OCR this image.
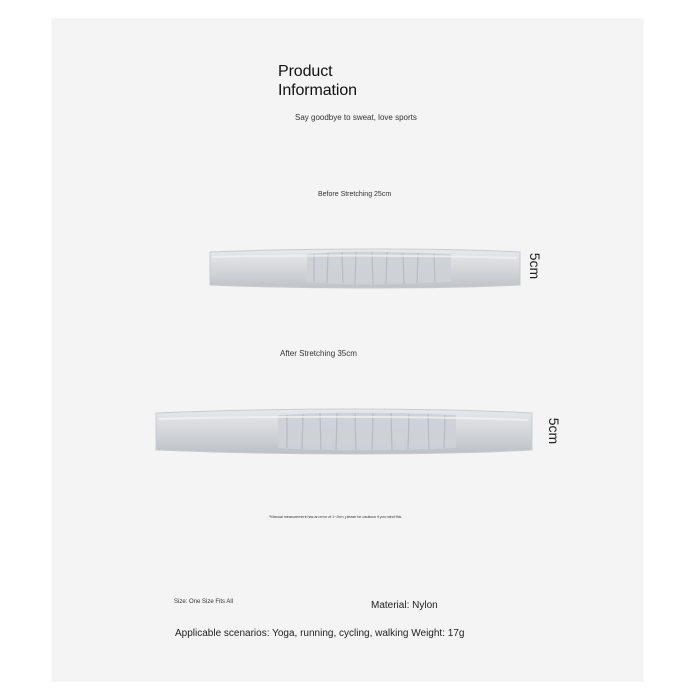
Product
Information
Say goodbye to sweat, love sports
Before Stretching 25cm
5cm
After Stretching 35cm
5cm
*Manual measurement has an error of 1~2cm, please be cautious if you mind this
Size: One Size Fits All	Material: Nylon
Applicable scenarios: Yoga, running, cycling, walking Weight: 17g
